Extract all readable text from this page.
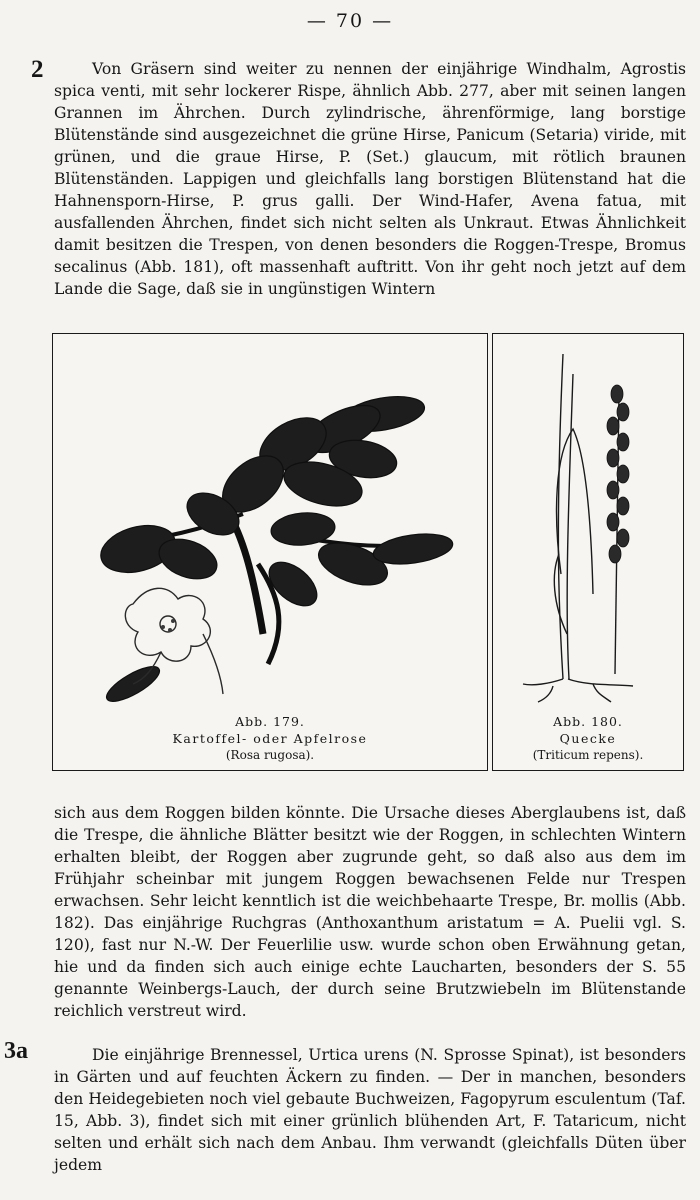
— 70 —
2
3a

Von Gräsern sind weiter zu nennen der einjährige Windhalm, Agrostis spica venti, mit sehr lockerer Rispe, ähnlich Abb. 277, aber mit seinen langen Grannen im Ährchen. Durch zylindrische, ährenförmige, lang borstige Blütenstände sind ausgezeichnet die grüne Hirse, Panicum (Setaria) viride, mit grünen, und die graue Hirse, P. (Set.) glaucum, mit rötlich braunen Blütenständen. Lappigen und gleichfalls lang borstigen Blütenstand hat die Hahnensporn-Hirse, P. grus galli. Der Wind-Hafer, Avena fatua, mit ausfallenden Ährchen, findet sich nicht selten als Unkraut. Etwas Ähnlichkeit damit besitzen die Trespen, von denen besonders die Roggen-Trespe, Bromus secalinus (Abb. 181), oft massenhaft auftritt. Von ihr geht noch jetzt auf dem Lande die Sage, daß sie in ungünstigen Wintern

Abb. 179.
Kartoffel- oder Apfelrose
(Rosa rugosa).
Abb. 180.
Quecke
(Triticum repens).

sich aus dem Roggen bilden könnte. Die Ursache dieses Aberglaubens ist, daß die Trespe, die ähnliche Blätter besitzt wie der Roggen, in schlechten Wintern erhalten bleibt, der Roggen aber zugrunde geht, so daß also aus dem im Frühjahr scheinbar mit jungem Roggen bewachsenen Felde nur Trespen erwachsen. Sehr leicht kenntlich ist die weichbehaarte Trespe, Br. mollis (Abb. 182). Das einjährige Ruchgras (Anthoxanthum aristatum = A. Puelii vgl. S. 120), fast nur N.-W. Der Feuerlilie usw. wurde schon oben Erwähnung getan, hie und da finden sich auch einige echte Laucharten, besonders der S. 55 genannte Weinbergs-Lauch, der durch seine Brutzwiebeln im Blütenstande reichlich verstreut wird.

Die einjährige Brennessel, Urtica urens (N. Sprosse Spinat), ist besonders in Gärten und auf feuchten Äckern zu finden. — Der in manchen, besonders den Heidegebieten noch viel gebaute Buchweizen, Fagopyrum esculentum (Taf. 15, Abb. 3), findet sich mit einer grünlich blühenden Art, F. Tataricum, nicht selten und erhält sich nach dem Anbau. Ihm verwandt (gleichfalls Düten über jedem
